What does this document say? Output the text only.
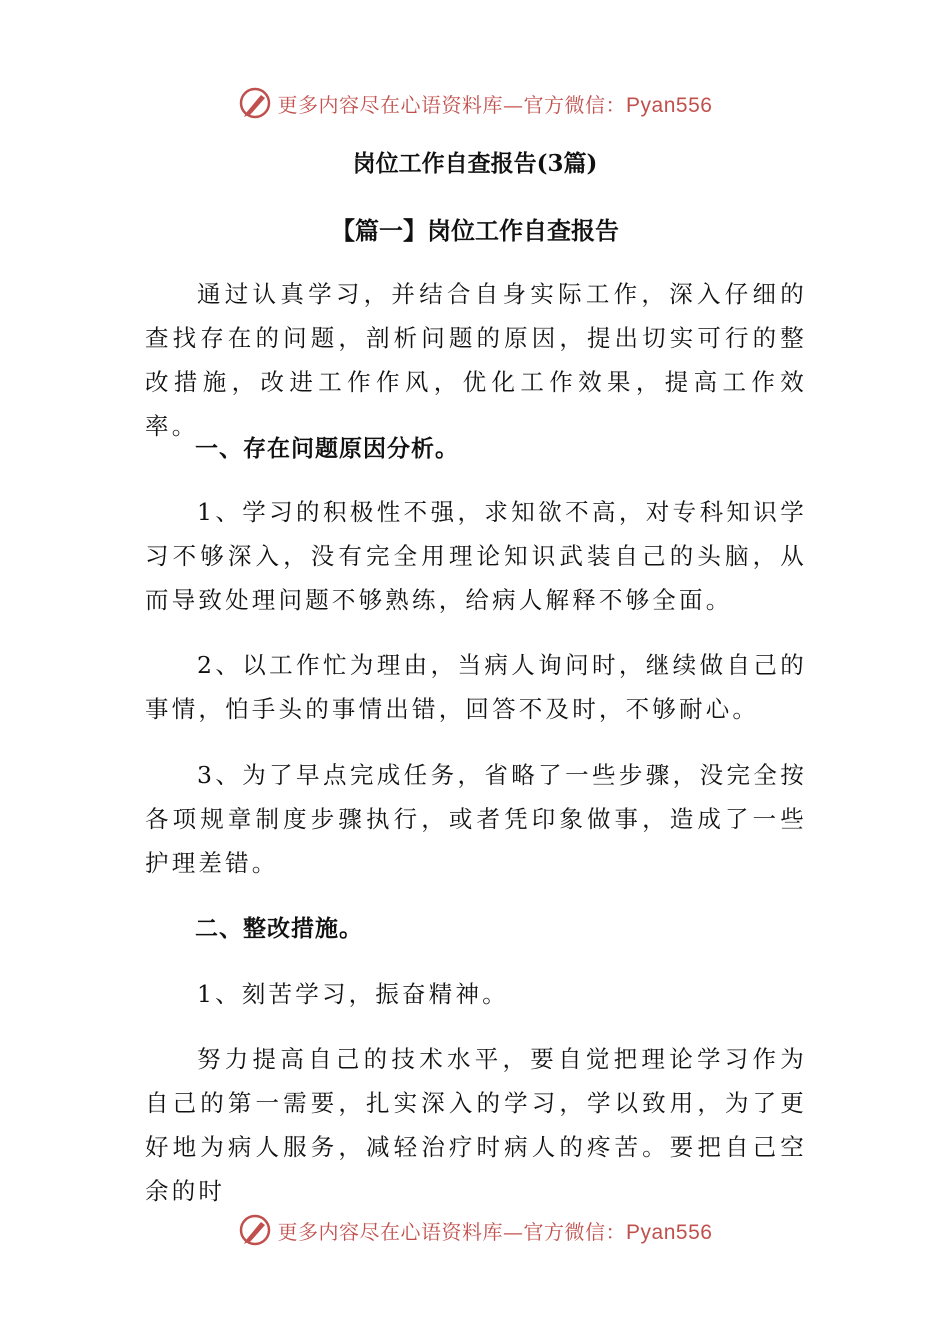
更多内容尽在心语资料库—官方微信：Pyan556
岗位工作自查报告(3篇)
【篇一】岗位工作自查报告

通过认真学习，并结合自身实际工作，深入仔细的查找存在的问题，剖析问题的原因，提出切实可行的整改措施，改进工作作风，优化工作效果，提高工作效率。

一、存在问题原因分析。

1、学习的积极性不强，求知欲不高，对专科知识学习不够深入，没有完全用理论知识武装自己的头脑，从而导致处理问题不够熟练，给病人解释不够全面。

2、以工作忙为理由，当病人询问时，继续做自己的事情，怕手头的事情出错，回答不及时，不够耐心。

3、为了早点完成任务，省略了一些步骤，没完全按各项规章制度步骤执行，或者凭印象做事，造成了一些护理差错。

二、整改措施。

1、刻苦学习，振奋精神。

努力提高自己的技术水平，要自觉把理论学习作为自己的第一需要，扎实深入的学习，学以致用，为了更好地为病人服务，减轻治疗时病人的疼苦。要把自己空余的时

更多内容尽在心语资料库—官方微信：Pyan556
